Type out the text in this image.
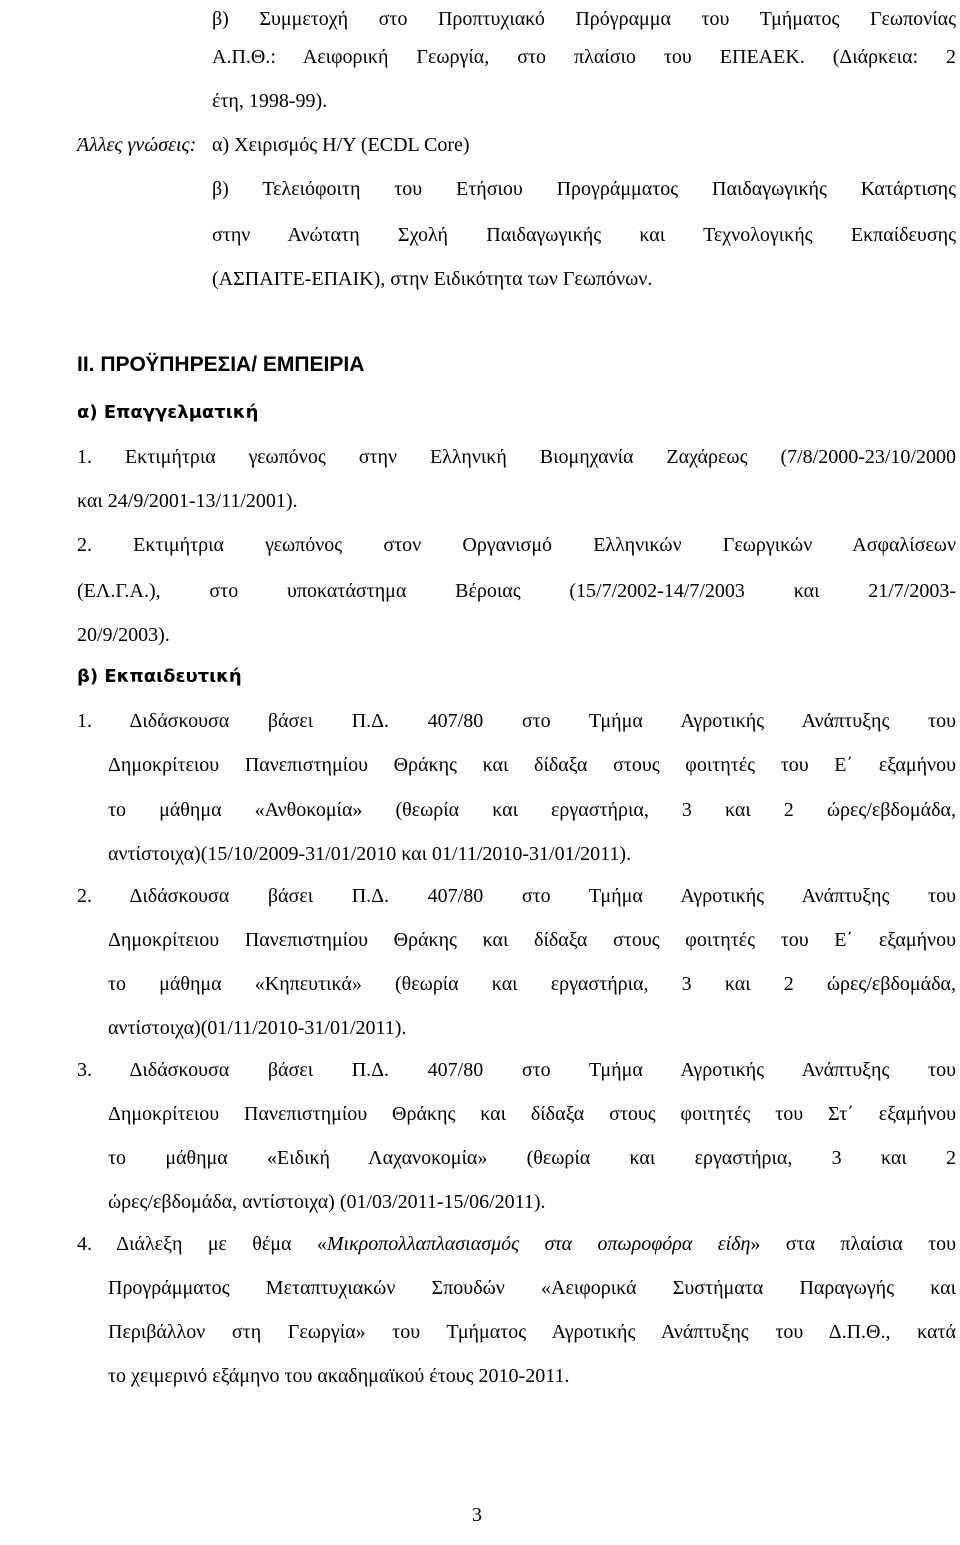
β) Συμμετοχή στο Προπτυχιακό Πρόγραμμα του Τμήματος Γεωπονίας
Α.Π.Θ.: Αειφορική Γεωργία, στο πλαίσιο του ΕΠΕΑΕΚ. (Διάρκεια: 2
έτη, 1998-99).
Άλλες γνώσεις: α) Χειρισμός Η/Υ (ECDL Core)
β) Τελειόφοιτη του Ετήσιου Προγράμματος Παιδαγωγικής Κατάρτισης
στην Ανώτατη Σχολή Παιδαγωγικής και Τεχνολογικής Εκπαίδευσης
(ΑΣΠΑΙΤΕ-ΕΠΑΙΚ), στην Ειδικότητα των Γεωπόνων.
ΙΙ. ΠΡΟΫΠΗΡΕΣΙΑ/ ΕΜΠΕΙΡΙΑ
α) Επαγγελματική
1. Εκτιμήτρια γεωπόνος στην Ελληνική Βιομηχανία Ζαχάρεως (7/8/2000-23/10/2000
και 24/9/2001-13/11/2001).
2. Εκτιμήτρια γεωπόνος στον Οργανισμό Ελληνικών Γεωργικών Ασφαλίσεων
(ΕΛ.Γ.Α.), στο υποκατάστημα Βέροιας (15/7/2002-14/7/2003 και 21/7/2003-
20/9/2003).
β) Εκπαιδευτική
1. Διδάσκουσα βάσει Π.Δ. 407/80 στο Τμήμα Αγροτικής Ανάπτυξης του
Δημοκρίτειου Πανεπιστημίου Θράκης και δίδαξα στους φοιτητές του Ε΄ εξαμήνου
το μάθημα «Ανθοκομία» (θεωρία και εργαστήρια, 3 και 2 ώρες/εβδομάδα,
αντίστοιχα)(15/10/2009-31/01/2010 και 01/11/2010-31/01/2011).
2. Διδάσκουσα βάσει Π.Δ. 407/80 στο Τμήμα Αγροτικής Ανάπτυξης του
Δημοκρίτειου Πανεπιστημίου Θράκης και δίδαξα στους φοιτητές του Ε΄ εξαμήνου
το μάθημα «Κηπευτικά» (θεωρία και εργαστήρια, 3 και 2 ώρες/εβδομάδα,
αντίστοιχα)(01/11/2010-31/01/2011).
3. Διδάσκουσα βάσει Π.Δ. 407/80 στο Τμήμα Αγροτικής Ανάπτυξης του
Δημοκρίτειου Πανεπιστημίου Θράκης και δίδαξα στους φοιτητές του Στ΄ εξαμήνου
το μάθημα «Ειδική Λαχανοκομία» (θεωρία και εργαστήρια, 3 και 2
ώρες/εβδομάδα, αντίστοιχα) (01/03/2011-15/06/2011).
4. Διάλεξη με θέμα «Μικροπολλαπλασιασμός στα οπωροφόρα είδη» στα πλαίσια του
Προγράμματος Μεταπτυχιακών Σπουδών «Αειφορικά Συστήματα Παραγωγής και
Περιβάλλον στη Γεωργία» του Τμήματος Αγροτικής Ανάπτυξης του Δ.Π.Θ., κατά
το χειμερινό εξάμηνο του ακαδημαϊκού έτους 2010-2011.
3
